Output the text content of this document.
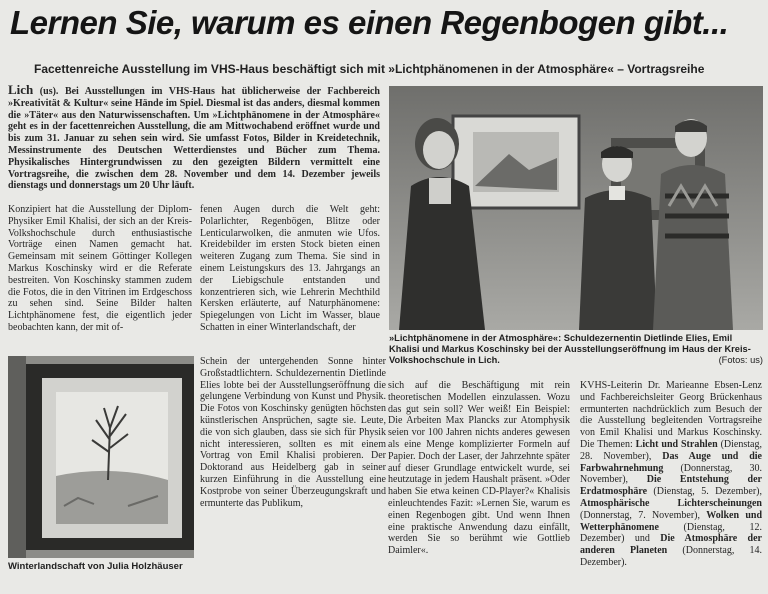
Lernen Sie, warum es einen Regenbogen gibt...
Facettenreiche Ausstellung im VHS-Haus beschäftigt sich mit »Lichtphänomenen in der Atmosphäre« – Vortragsreihe
Lich (us). Bei Ausstellungen im VHS-Haus hat üblicherweise der Fachbereich »Kreativität & Kultur« seine Hände im Spiel. Diesmal ist das anders, diesmal kommen die »Täter« aus den Naturwissenschaften. Um »Lichtphänomene in der Atmosphäre« geht es in der facettenreichen Ausstellung, die am Mittwochabend eröffnet wurde und bis zum 31. Januar zu sehen sein wird. Sie umfasst Fotos, Bilder in Kreidetechnik, Messinstrumente des Deutschen Wetterdienstes und Bücher zum Thema. Physikalisches Hintergrundwissen zu den gezeigten Bildern vermittelt eine Vortragsreihe, die zwischen dem 28. November und dem 14. Dezember jeweils dienstags und donnerstags um 20 Uhr läuft.
»Lichtphänomene in der Atmosphäre«: Schuldezernentin Dietlinde Elies, Emil Khalisi und Markus Koschinsky bei der Ausstellungseröffnung im Haus der Kreis-Volkshochschule in Lich.	(Fotos: us)
Konzipiert hat die Ausstellung der Diplom-Physiker Emil Khalisi, der sich an der Kreis-Volkshochschule durch enthusiastische Vorträge einen Namen gemacht hat. Gemeinsam mit seinem Göttinger Kollegen Markus Koschinsky wird er die Referate bestreiten. Von Koschinsky stammen zudem die Fotos, die in den Vitrinen im Erdgeschoss zu sehen sind. Seine Bilder halten Lichtphänomene fest, die eigentlich jeder beobachten kann, der mit of-
fenen Augen durch die Welt geht: Polarlichter, Regenbögen, Blitze oder Lenticularwolken, die anmuten wie Ufos. Kreidebilder im ersten Stock bieten einen weiteren Zugang zum Thema. Sie sind in einem Leistungskurs des 13. Jahrgangs an der Liebigschule entstanden und konzentrieren sich, wie Lehrerin Mechthild Kersken erläuterte, auf Naturphänomene: Spiegelungen von Licht im Wasser, blaue Schatten in einer Winterlandschaft, der
Schein der untergehenden Sonne hinter Großstadtlichtern. Schuldezernentin Dietlinde Elies lobte bei der Ausstellungseröffnung die gelungene Verbindung von Kunst und Physik. Die Fotos von Koschinsky genügten höchsten künstlerischen Ansprüchen, sagte sie. Leute, die von sich glauben, dass sie sich für Physik nicht interessieren, sollten es mit einem Vortrag von Emil Khalisi probieren. Der Doktorand aus Heidelberg gab in seiner kurzen Einführung in die Ausstellung eine Kostprobe von seiner Überzeugungskraft und ermunterte das Publikum,
sich auf die Beschäftigung mit rein theoretischen Modellen einzulassen. Wozu das gut sein soll? Wer weiß! Ein Beispiel: Die Arbeiten Max Plancks zur Atomphysik seien vor 100 Jahren nichts anderes gewesen als eine Menge komplizierter Formeln auf Papier. Doch der Laser, der Jahrzehnte später auf dieser Grundlage entwickelt wurde, sei heutzutage in jedem Haushalt präsent. »Oder haben Sie etwa keinen CD-Player?« Khalisis einleuchtendes Fazit: »Lernen Sie, warum es einen Regenbogen gibt. Und wenn Ihnen eine praktische Anwendung dazu einfällt, werden Sie so berühmt wie Gottlieb Daimler«.
KVHS-Leiterin Dr. Marieanne Ebsen-Lenz und Fachbereichsleiter Georg Brückenhaus ermunterten nachdrücklich zum Besuch der die Ausstellung begleitenden Vortragsreihe von Emil Khalisi und Markus Koschinsky. Die Themen: Licht und Strahlen (Dienstag, 28. November), Das Auge und die Farbwahrnehmung (Donnerstag, 30. November), Die Entstehung der Erdatmosphäre (Dienstag, 5. Dezember), Atmosphärische Lichterscheinungen (Donnerstag, 7. November), Wolken und Wetterphänomene (Dienstag, 12. Dezember) und Die Atmosphäre der anderen Planeten (Donnerstag, 14. Dezember).
Winterlandschaft von Julia Holzhäuser
